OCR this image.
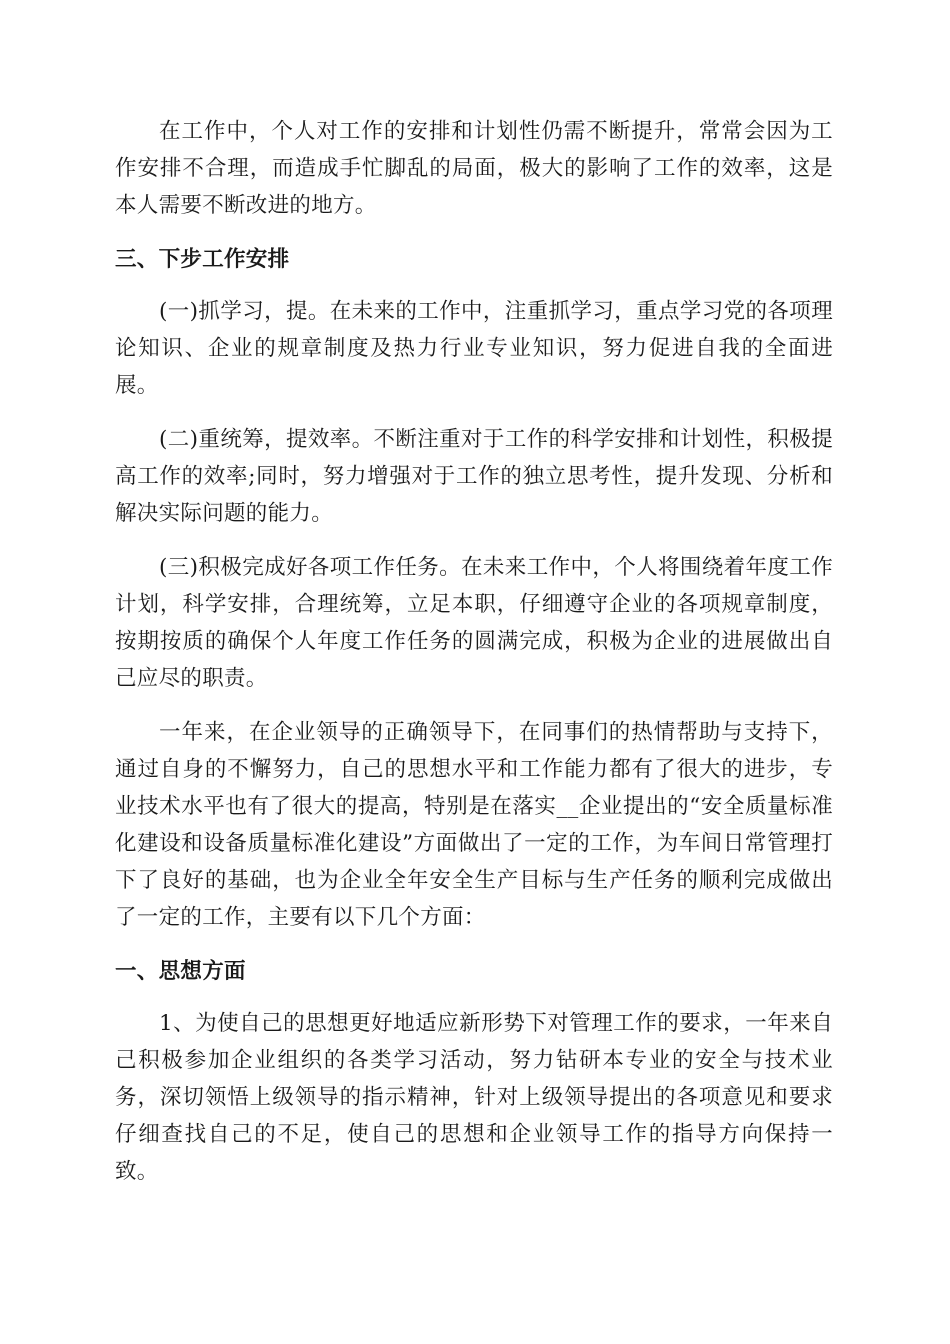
在工作中，个人对工作的安排和计划性仍需不断提升，常常会因为工作安排不合理，而造成手忙脚乱的局面，极大的影响了工作的效率，这是本人需要不断改进的地方。

三、下步工作安排

(一)抓学习，提。在未来的工作中，注重抓学习，重点学习党的各项理论知识、企业的规章制度及热力行业专业知识，努力促进自我的全面进展。

(二)重统筹，提效率。不断注重对于工作的科学安排和计划性，积极提高工作的效率;同时，努力增强对于工作的独立思考性，提升发现、分析和解决实际问题的能力。

(三)积极完成好各项工作任务。在未来工作中，个人将围绕着年度工作计划，科学安排，合理统筹，立足本职，仔细遵守企业的各项规章制度，按期按质的确保个人年度工作任务的圆满完成，积极为企业的进展做出自己应尽的职责。

一年来，在企业领导的正确领导下，在同事们的热情帮助与支持下，通过自身的不懈努力，自己的思想水平和工作能力都有了很大的进步，专业技术水平也有了很大的提高，特别是在落实__企业提出的“安全质量标准化建设和设备质量标准化建设”方面做出了一定的工作，为车间日常管理打下了良好的基础，也为企业全年安全生产目标与生产任务的顺利完成做出了一定的工作，主要有以下几个方面：

一、思想方面

1、为使自己的思想更好地适应新形势下对管理工作的要求，一年来自己积极参加企业组织的各类学习活动，努力钻研本专业的安全与技术业务，深切领悟上级领导的指示精神，针对上级领导提出的各项意见和要求仔细查找自己的不足，使自己的思想和企业领导工作的指导方向保持一致。
